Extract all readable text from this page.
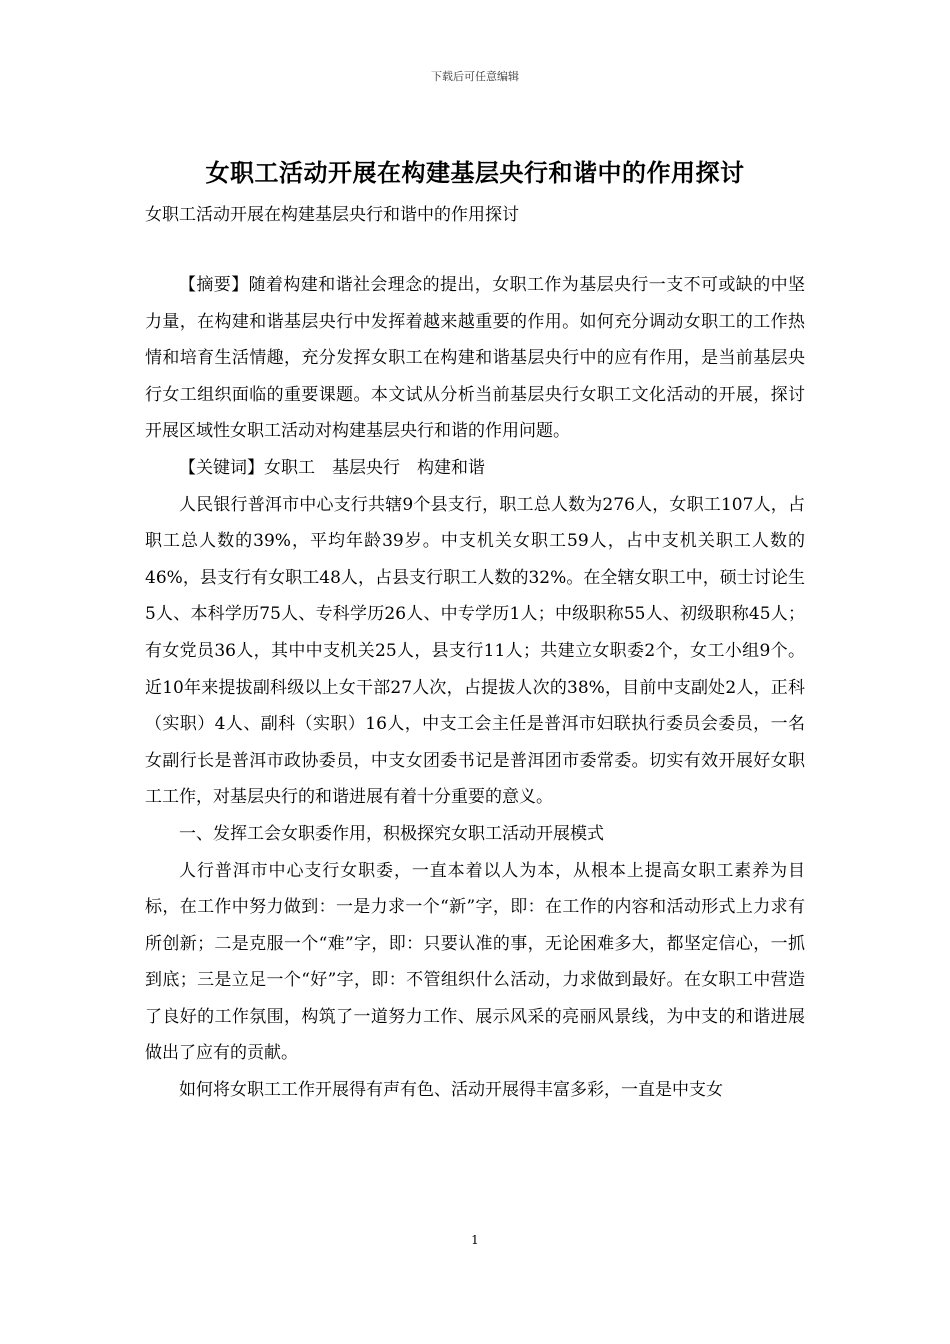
下载后可任意编辑
女职工活动开展在构建基层央行和谐中的作用探讨
女职工活动开展在构建基层央行和谐中的作用探讨

【摘要】随着构建和谐社会理念的提出，女职工作为基层央行一支不可或缺的中坚力量，在构建和谐基层央行中发挥着越来越重要的作用。如何充分调动女职工的工作热情和培育生活情趣，充分发挥女职工在构建和谐基层央行中的应有作用，是当前基层央行女工组织面临的重要课题。本文试从分析当前基层央行女职工文化活动的开展，探讨开展区域性女职工活动对构建基层央行和谐的作用问题。

【关键词】女职工　基层央行　构建和谐

人民银行普洱市中心支行共辖9个县支行，职工总人数为276人，女职工107人，占职工总人数的39%，平均年龄39岁。中支机关女职工59人，占中支机关职工人数的46%，县支行有女职工48人，占县支行职工人数的32%。在全辖女职工中，硕士讨论生5人、本科学历75人、专科学历26人、中专学历1人；中级职称55人、初级职称45人；有女党员36人，其中中支机关25人，县支行11人；共建立女职委2个，女工小组9个。近10年来提拔副科级以上女干部27人次，占提拔人次的38%，目前中支副处2人，正科（实职）4人、副科（实职）16人，中支工会主任是普洱市妇联执行委员会委员，一名女副行长是普洱市政协委员，中支女团委书记是普洱团市委常委。切实有效开展好女职工工作，对基层央行的和谐进展有着十分重要的意义。

一、发挥工会女职委作用，积极探究女职工活动开展模式

人行普洱市中心支行女职委，一直本着以人为本，从根本上提高女职工素养为目标，在工作中努力做到：一是力求一个“新”字，即：在工作的内容和活动形式上力求有所创新；二是克服一个“难”字，即：只要认准的事，无论困难多大，都坚定信心，一抓到底；三是立足一个“好”字，即：不管组织什么活动，力求做到最好。在女职工中营造了良好的工作氛围，构筑了一道努力工作、展示风采的亮丽风景线，为中支的和谐进展做出了应有的贡献。

如何将女职工工作开展得有声有色、活动开展得丰富多彩，一直是中支女

1
